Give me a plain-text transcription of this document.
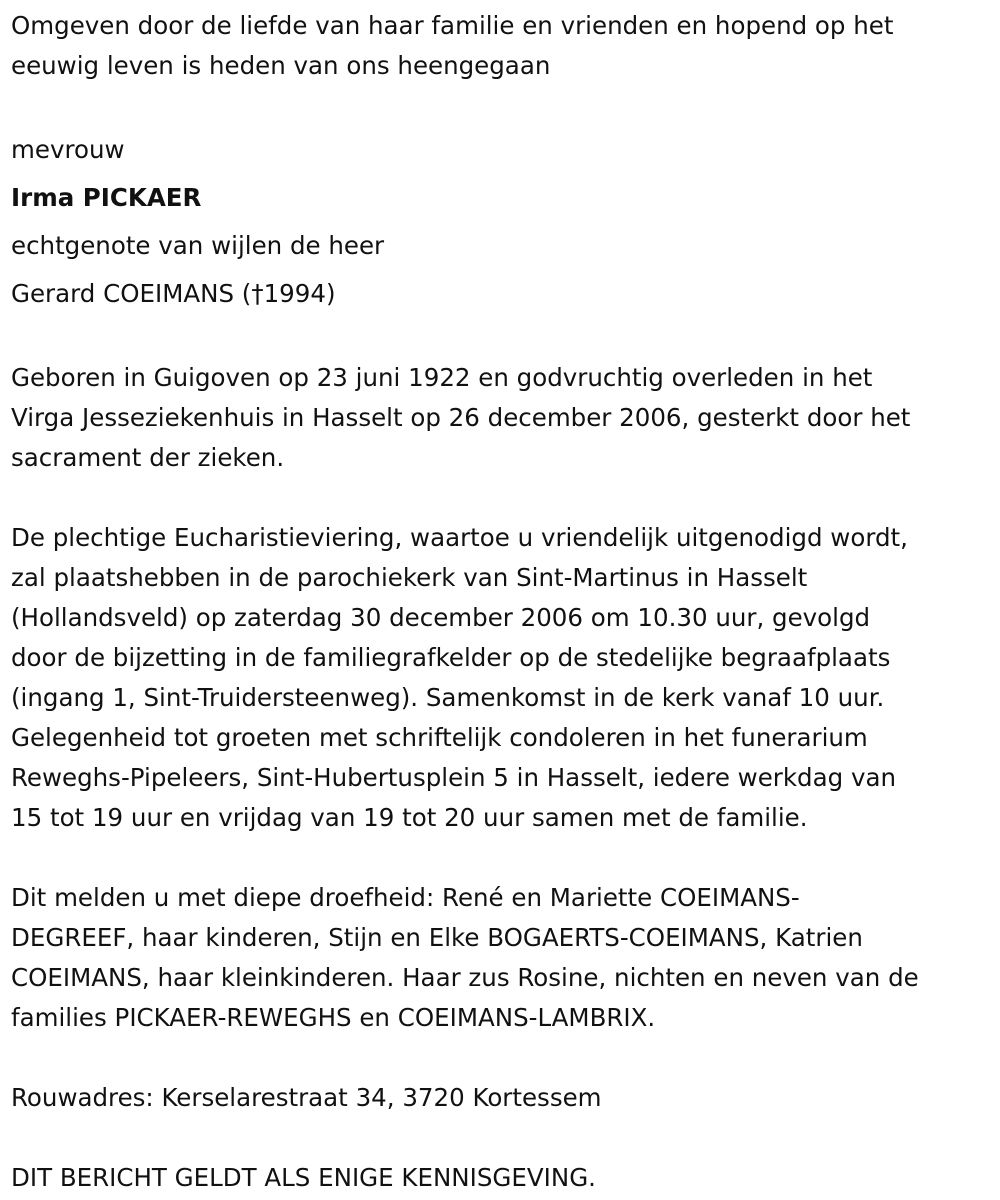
Omgeven door de liefde van haar familie en vrienden en hopend op het
eeuwig leven is heden van ons heengegaan
mevrouw
Irma PICKAER
echtgenote van wijlen de heer
Gerard COEIMANS (†1994)
Geboren in Guigoven op 23 juni 1922 en godvruchtig overleden in het
Virga Jesseziekenhuis in Hasselt op 26 december 2006, gesterkt door het
sacrament der zieken.
De plechtige Eucharistieviering, waartoe u vriendelijk uitgenodigd wordt,
zal plaatshebben in de parochiekerk van Sint-Martinus in Hasselt
(Hollandsveld) op zaterdag 30 december 2006 om 10.30 uur, gevolgd
door de bijzetting in de familiegrafkelder op de stedelijke begraafplaats
(ingang 1, Sint-Truidersteenweg). Samenkomst in de kerk vanaf 10 uur.
Gelegenheid tot groeten met schriftelijk condoleren in het funerarium
Reweghs-Pipeleers, Sint-Hubertusplein 5 in Hasselt, iedere werkdag van
15 tot 19 uur en vrijdag van 19 tot 20 uur samen met de familie.
Dit melden u met diepe droefheid: René en Mariette COEIMANS-
DEGREEF, haar kinderen, Stijn en Elke BOGAERTS-COEIMANS, Katrien
COEIMANS, haar kleinkinderen. Haar zus Rosine, nichten en neven van de
families PICKAER-REWEGHS en COEIMANS-LAMBRIX.
Rouwadres: Kerselarestraat 34, 3720 Kortessem
DIT BERICHT GELDT ALS ENIGE KENNISGEVING.
